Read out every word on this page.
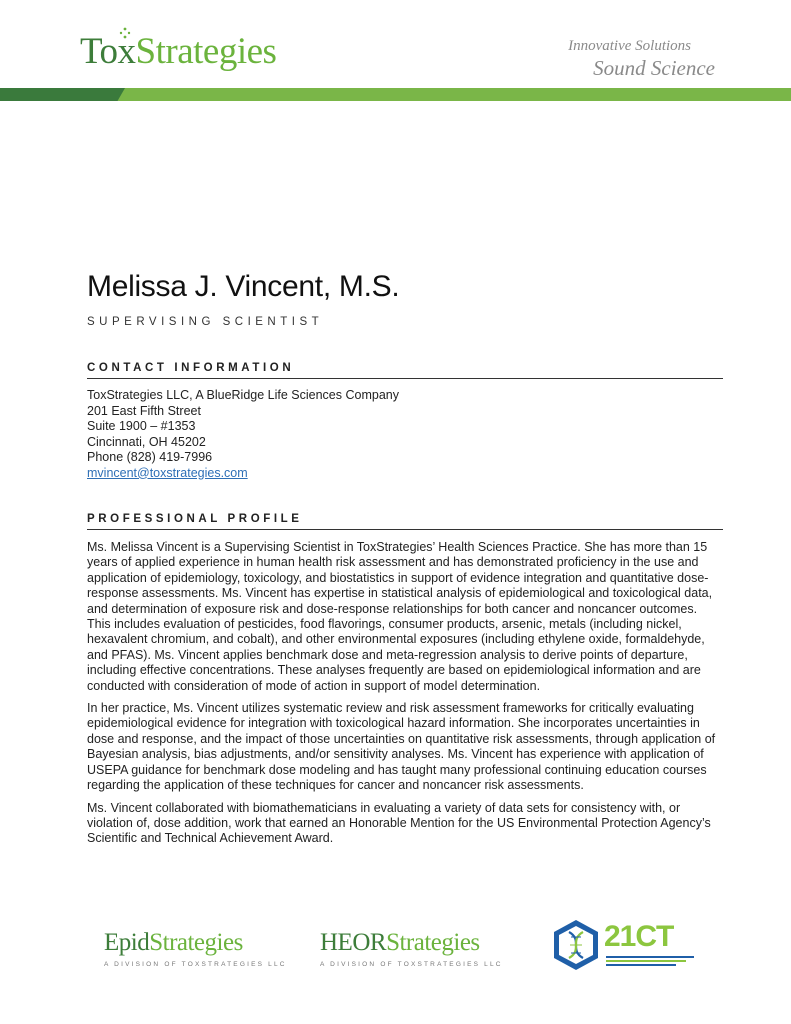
ToxStrategies	Innovative Solutions
Sound Science
Melissa J. Vincent, M.S.
SUPERVISING SCIENTIST
CONTACT INFORMATION
ToxStrategies LLC, A BlueRidge Life Sciences Company
201 East Fifth Street
Suite 1900 – #1353
Cincinnati, OH 45202
Phone (828) 419-7996
mvincent@toxstrategies.com
PROFESSIONAL PROFILE

Ms. Melissa Vincent is a Supervising Scientist in ToxStrategies’ Health Sciences Practice. She has more than 15 years of applied experience in human health risk assessment and has demonstrated proficiency in the use and application of epidemiology, toxicology, and biostatistics in support of evidence integration and quantitative dose-response assessments. Ms. Vincent has expertise in statistical analysis of epidemiological and toxicological data, and determination of exposure risk and dose-response relationships for both cancer and noncancer outcomes. This includes evaluation of pesticides, food flavorings, consumer products, arsenic, metals (including nickel, hexavalent chromium, and cobalt), and other environmental exposures (including ethylene oxide, formaldehyde, and PFAS). Ms. Vincent applies benchmark dose and meta-regression analysis to derive points of departure, including effective concentrations. These analyses frequently are based on epidemiological information and are conducted with consideration of mode of action in support of model determination.

In her practice, Ms. Vincent utilizes systematic review and risk assessment frameworks for critically evaluating epidemiological evidence for integration with toxicological hazard information. She incorporates uncertainties in dose and response, and the impact of those uncertainties on quantitative risk assessments, through application of Bayesian analysis, bias adjustments, and/or sensitivity analyses. Ms. Vincent has experience with application of USEPA guidance for benchmark dose modeling and has taught many professional continuing education courses regarding the application of these techniques for cancer and noncancer risk assessments.

Ms. Vincent collaborated with biomathematicians in evaluating a variety of data sets for consistency with, or violation of, dose addition, work that earned an Honorable Mention for the US Environmental Protection Agency’s Scientific and Technical Achievement Award.

EpidStrategies
A DIVISION OF TOXSTRATEGIES LLC
HEORStrategies
A DIVISION OF TOXSTRATEGIES LLC
21CT
